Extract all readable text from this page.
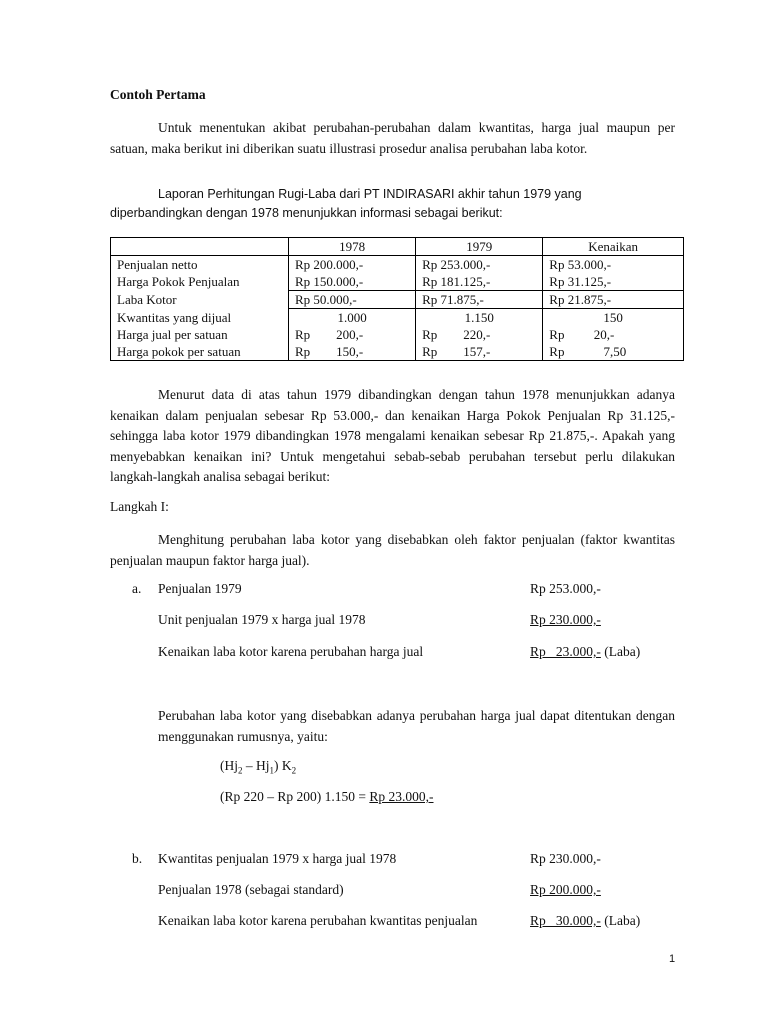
Contoh Pertama
Untuk menentukan akibat perubahan-perubahan dalam kwantitas, harga jual maupun per satuan, maka berikut ini diberikan suatu illustrasi prosedur analisa perubahan laba kotor.
Laporan Perhitungan Rugi-Laba dari PT INDIRASARI akhir tahun 1979 yang
diperbandingkan dengan 1978 menunjukkan informasi sebagai berikut:
	1978	1979	Kenaikan
Penjualan netto	Rp 200.000,-	Rp 253.000,-	Rp 53.000,-
Harga Pokok Penjualan	Rp 150.000,-	Rp 181.125,-	Rp 31.125,-
Laba Kotor	Rp 50.000,-	Rp 71.875,-	Rp 21.875,-
Kwantitas yang dijual	1.000	1.150	150
Harga jual per satuan	Rp        200,-	Rp        220,-	Rp         20,-
Harga pokok per satuan	Rp        150,-	Rp        157,-	Rp            7,50
Menurut data di atas tahun 1979 dibandingkan dengan tahun 1978 menunjukkan adanya kenaikan dalam penjualan sebesar Rp 53.000,- dan kenaikan Harga Pokok Penjualan Rp 31.125,- sehingga laba kotor 1979 dibandingkan 1978 mengalami kenaikan sebesar Rp 21.875,-. Apakah yang menyebabkan kenaikan ini? Untuk mengetahui sebab-sebab perubahan tersebut perlu dilakukan langkah-langkah analisa sebagai berikut:
Langkah I:
Menghitung perubahan laba kotor yang disebabkan oleh faktor penjualan (faktor kwantitas penjualan maupun faktor harga jual).
a. Penjualan 1979	Rp 253.000,-
Unit penjualan 1979 x harga jual 1978	Rp 230.000,-
Kenaikan laba kotor karena perubahan harga jual	Rp   23.000,- (Laba)
Perubahan laba kotor yang disebabkan adanya perubahan harga jual dapat ditentukan dengan menggunakan rumusnya, yaitu:
$(Hj_2 - Hj_1)$ $K_2$
(Rp 220 – Rp 200) 1.150 = Rp 23.000,-
b. Kwantitas penjualan 1979 x harga jual 1978	Rp 230.000,-
Penjualan 1978 (sebagai standard)	Rp 200.000,-
Kenaikan laba kotor karena perubahan kwantitas penjualan	Rp   30.000,- (Laba)
1
